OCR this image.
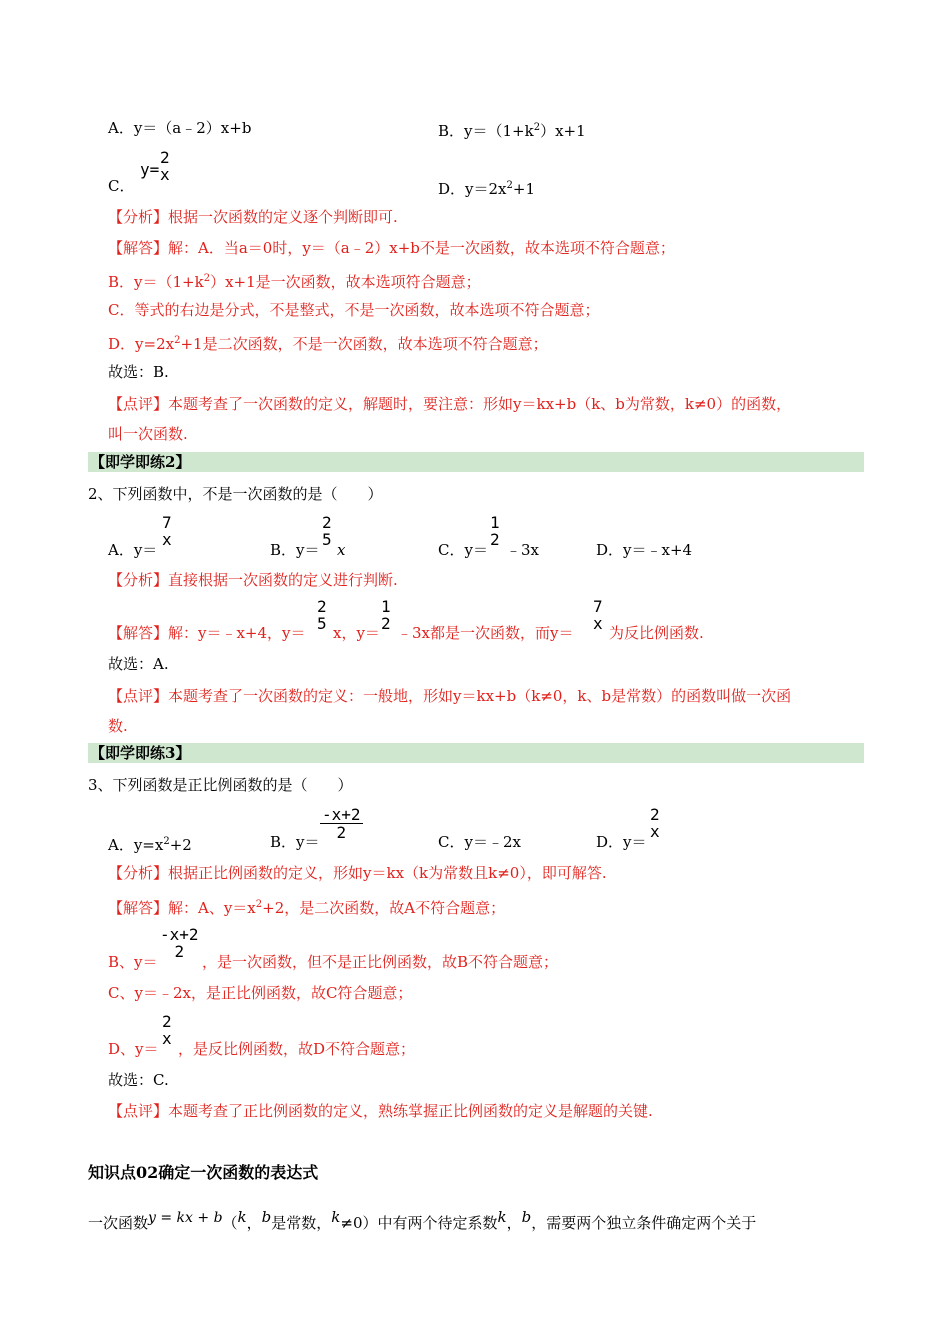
A．y＝（a﹣2）x+b	B．$y=(1+k^2)x+1$
C．
y=
2
x
D．$y=2x^2+1$
【分析】根据一次函数的定义逐个判断即可.
【解答】解：A．当a＝0时，y＝（a﹣2）x+b不是一次函数，故本选项不符合题意；
B．$y=(1+k^2)x+1$是一次函数，故本选项符合题意；
C．等式的右边是分式，不是整式，不是一次函数，故本选项不符合题意；
D．$y=2x^2+1$是二次函数，不是一次函数，故本选项不符合题意；
故选：B.
【点评】本题考查了一次函数的定义，解题时，要注意：形如y＝kx+b（k、b为常数，k≠0）的函数，
叫一次函数.
【即学即练2】
2、下列函数中，不是一次函数的是（　　）
A．y＝
7
x
B．y＝
2
5
x	C．y＝
1
2
﹣3x	D．y＝﹣x+4
【分析】直接根据一次函数的定义进行判断.
【解答】解：y＝﹣x+4，y＝
2
5 x，y＝
1
2 ﹣3x都是一次函数，而y＝
7
x 为反比例函数.
故选：A.
【点评】本题考查了一次函数的定义：一般地，形如y＝kx+b（k≠0，k、b是常数）的函数叫做一次函
数.
【即学即练3】
3、下列函数是正比例函数的是（　　）
A．$y=x^2+2$	B．y＝
$\frac{-x+2}{2}$
C．y＝﹣2x	D．y＝
2
x
【分析】根据正比例函数的定义，形如y＝kx（k为常数且k≠0），即可解答.
【解答】解：A、$y=x^2+2$，是二次函数，故A不符合题意；
B、y＝
-x+2
2
，是一次函数，但不是正比例函数，故B不符合题意；
C、y＝﹣2x，是正比例函数，故C符合题意；
D、y＝
2
x
，是反比例函数，故D不符合题意；
故选：C.
【点评】本题考查了正比例函数的定义，熟练掌握正比例函数的定义是解题的关键.
知识点02确定一次函数的表达式
一次函数y = kx + b（k，b是常数，k≠0）中有两个待定系数k，b，需要两个独立条件确定两个关于
